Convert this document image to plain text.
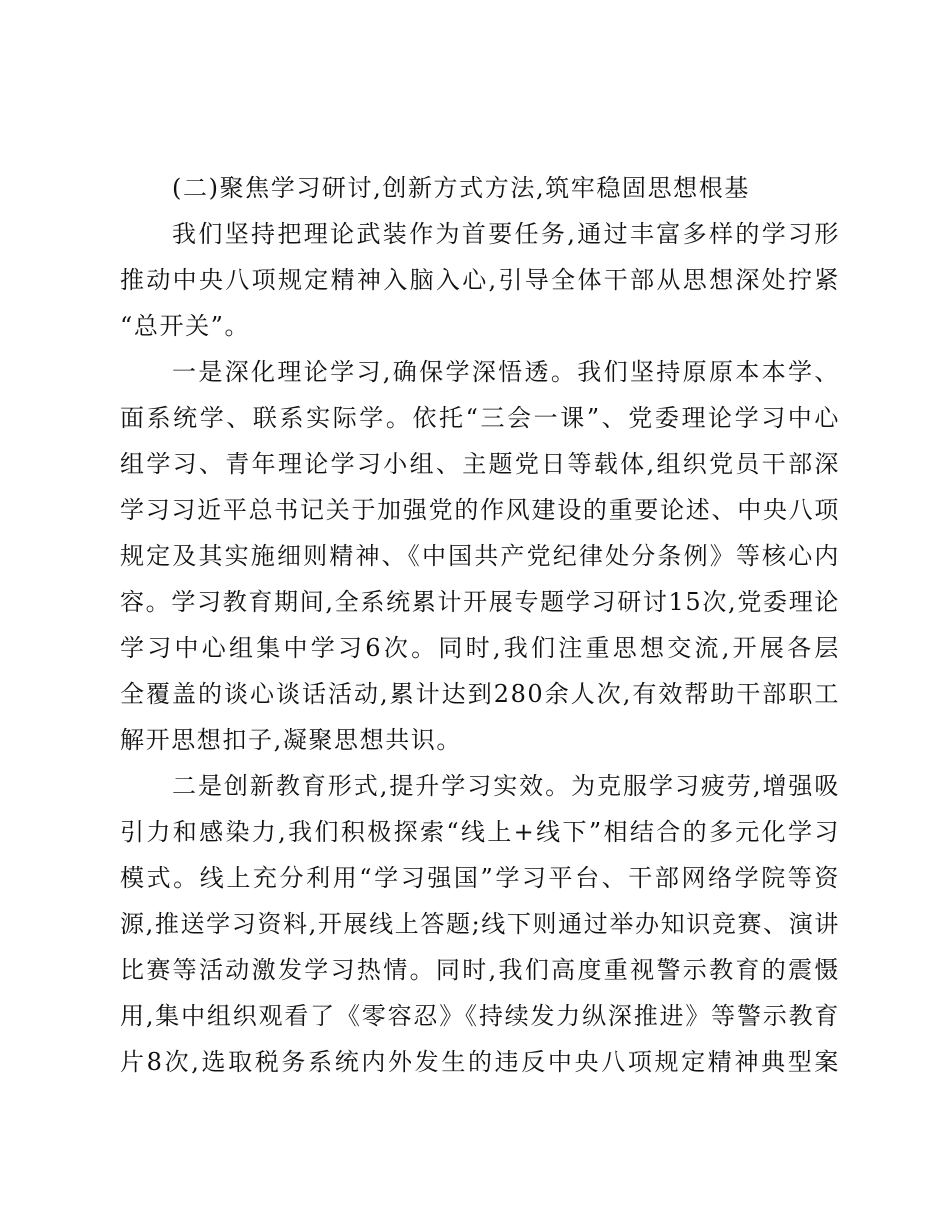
(二)聚焦学习研讨,创新方式方法,筑牢稳固思想根基
我们坚持把理论武装作为首要任务,通过丰富多样的学习形
推动中央八项规定精神入脑入心,引导全体干部从思想深处拧紧
“总开关”。
一是深化理论学习,确保学深悟透。我们坚持原原本本学、
面系统学、联系实际学。依托“三会一课”、党委理论学习中心
组学习、青年理论学习小组、主题党日等载体,组织党员干部深
学习习近平总书记关于加强党的作风建设的重要论述、中央八项
规定及其实施细则精神、《中国共产党纪律处分条例》等核心内
容。学习教育期间,全系统累计开展专题学习研讨15次,党委理论
学习中心组集中学习6次。同时,我们注重思想交流,开展各层
全覆盖的谈心谈话活动,累计达到280余人次,有效帮助干部职工
解开思想扣子,凝聚思想共识。
二是创新教育形式,提升学习实效。为克服学习疲劳,增强吸
引力和感染力,我们积极探索“线上+线下”相结合的多元化学习
模式。线上充分利用“学习强国”学习平台、干部网络学院等资
源,推送学习资料,开展线上答题;线下则通过举办知识竞赛、演讲
比赛等活动激发学习热情。同时,我们高度重视警示教育的震慑
用,集中组织观看了《零容忍》《持续发力纵深推进》等警示教育
片8次,选取税务系统内外发生的违反中央八项规定精神典型案
